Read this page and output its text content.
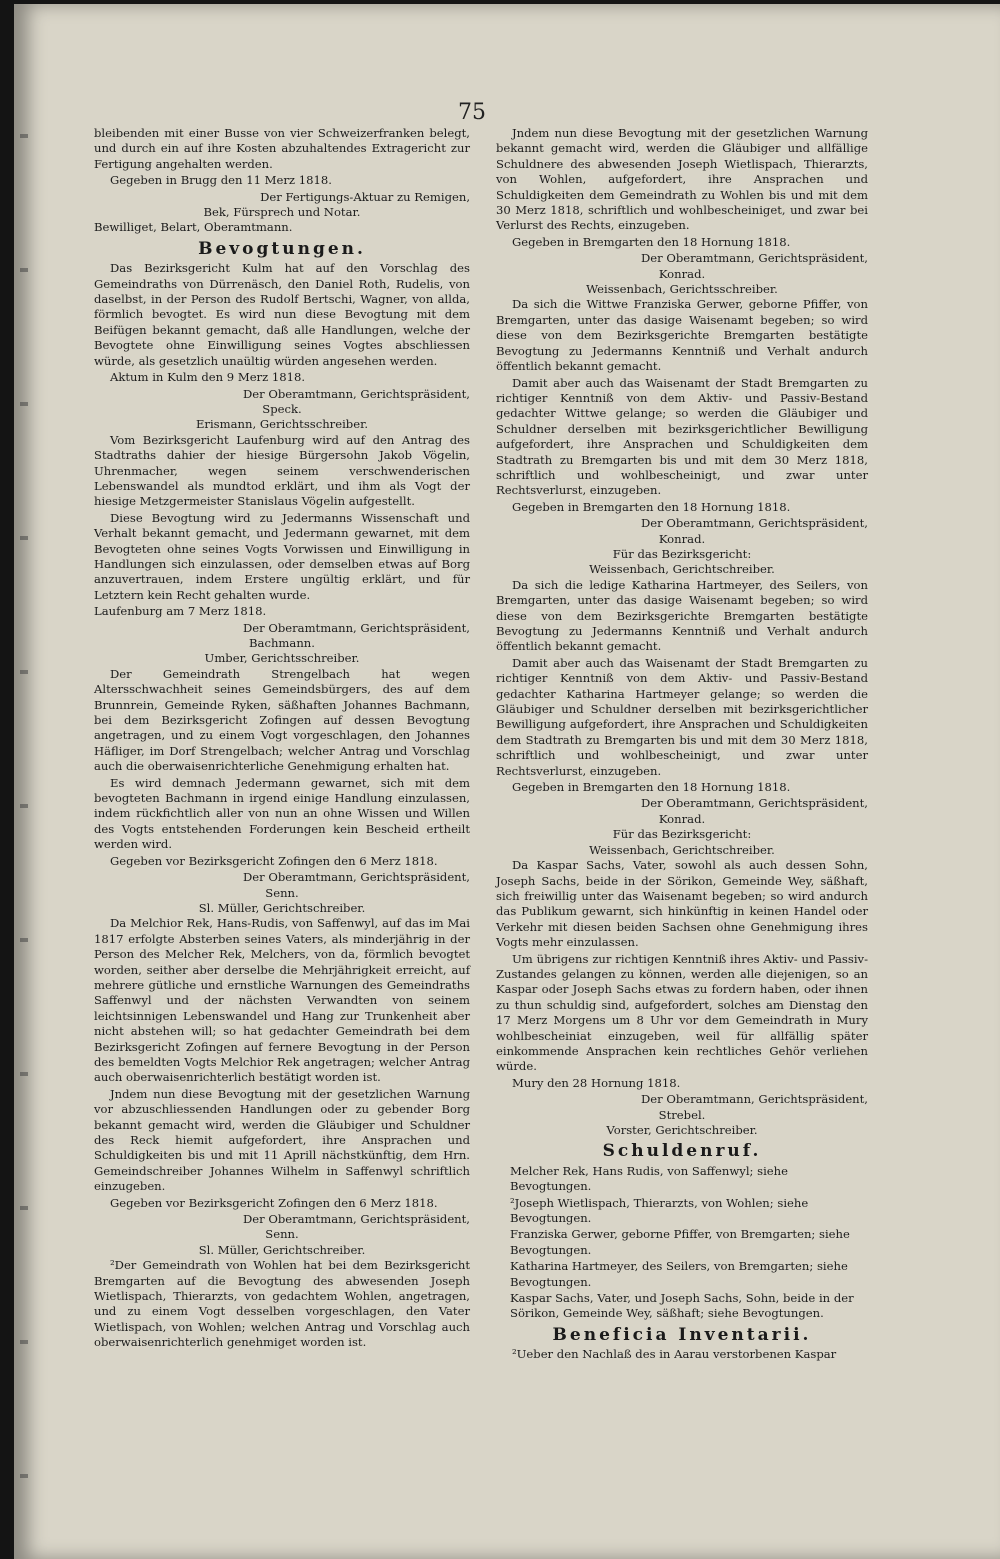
75

bleibenden mit einer Busse von vier Schweizerfranken belegt, und durch ein auf ihre Kosten abzuhaltendes Extragericht zur Fertigung angehalten werden.

Gegeben in Brugg den 11 Merz 1818.

Der Fertigungs-Aktuar zu Remigen,

Bek, Fürsprech und Notar.

Bewilliget, Belart, Oberamtmann.

Bevogtungen.

Das Bezirksgericht Kulm hat auf den Vorschlag des Gemeindraths von Dürrenäsch, den Daniel Roth, Rudelis, von daselbst, in der Person des Rudolf Bertschi, Wagner, von allda, förmlich bevogtet. Es wird nun diese Bevogtung mit dem Beifügen bekannt gemacht, daß alle Handlungen, welche der Bevogtete ohne Einwilligung seines Vogtes abschliessen würde, als gesetzlich unaültig würden angesehen werden.

Aktum in Kulm den 9 Merz 1818.

Der Oberamtmann, Gerichtspräsident,

Speck.

Erismann, Gerichtsschreiber.

Vom Bezirksgericht Laufenburg wird auf den Antrag des Stadtraths dahier der hiesige Bürgersohn Jakob Vögelin, Uhrenmacher, wegen seinem verschwenderischen Lebenswandel als mundtod erklärt, und ihm als Vogt der hiesige Metzgermeister Stanislaus Vögelin aufgestellt.

Diese Bevogtung wird zu Jedermanns Wissenschaft und Verhalt bekannt gemacht, und Jedermann gewarnet, mit dem Bevogteten ohne seines Vogts Vorwissen und Einwilligung in Handlungen sich einzulassen, oder demselben etwas auf Borg anzuvertrauen, indem Erstere ungültig erklärt, und für Letztern kein Recht gehalten wurde.

Laufenburg am 7 Merz 1818.

Der Oberamtmann, Gerichtspräsident,

Bachmann.

Umber, Gerichtsschreiber.

Der Gemeindrath Strengelbach hat wegen Altersschwachheit seines Gemeindsbürgers, des auf dem Brunnrein, Gemeinde Ryken, säßhaften Johannes Bachmann, bei dem Bezirksgericht Zofingen auf dessen Bevogtung angetragen, und zu einem Vogt vorgeschlagen, den Johannes Häfliger, im Dorf Strengelbach; welcher Antrag und Vorschlag auch die oberwaisenrichterliche Genehmigung erhalten hat.

Es wird demnach Jedermann gewarnet, sich mit dem bevogteten Bachmann in irgend einige Handlung einzulassen, indem rückfichtlich aller von nun an ohne Wissen und Willen des Vogts entstehenden Forderungen kein Bescheid ertheilt werden wird.

Gegeben vor Bezirksgericht Zofingen den 6 Merz 1818.

Der Oberamtmann, Gerichtspräsident,

Senn.

Sl. Müller, Gerichtschreiber.

Da Melchior Rek, Hans-Rudis, von Saffenwyl, auf das im Mai 1817 erfolgte Absterben seines Vaters, als minderjährig in der Person des Melcher Rek, Melchers, von da, förmlich bevogtet worden, seither aber derselbe die Mehrjährigkeit erreicht, auf mehrere gütliche und ernstliche Warnungen des Gemeindraths Saffenwyl und der nächsten Verwandten von seinem leichtsinnigen Lebenswandel und Hang zur Trunkenheit aber nicht abstehen will; so hat gedachter Gemeindrath bei dem Bezirksgericht Zofingen auf fernere Bevogtung in der Person des bemeldten Vogts Melchior Rek angetragen; welcher Antrag auch oberwaisenrichterlich bestätigt worden ist.

Jndem nun diese Bevogtung mit der gesetzlichen Warnung vor abzuschliessenden Handlungen oder zu gebender Borg bekannt gemacht wird, werden die Gläubiger und Schuldner des Reck hiemit aufgefordert, ihre Ansprachen und Schuldigkeiten bis und mit 11 Aprill nächstkünftig, dem Hrn. Gemeindschreiber Johannes Wilhelm in Saffenwyl schriftlich einzugeben.

Gegeben vor Bezirksgericht Zofingen den 6 Merz 1818.

Der Oberamtmann, Gerichtspräsident,

Senn.

Sl. Müller, Gerichtschreiber.

²Der Gemeindrath von Wohlen hat bei dem Bezirksgericht Bremgarten auf die Bevogtung des abwesenden Joseph Wietlispach, Thierarzts, von gedachtem Wohlen, angetragen, und zu einem Vogt desselben vorgeschlagen, den Vater Wietlispach, von Wohlen; welchen Antrag und Vorschlag auch oberwaisenrichterlich genehmiget worden ist.

Jndem nun diese Bevogtung mit der gesetzlichen Warnung bekannt gemacht wird, werden die Gläubiger und allfällige Schuldnere des abwesenden Joseph Wietlispach, Thierarzts, von Wohlen, aufgefordert, ihre Ansprachen und Schuldigkeiten dem Gemeindrath zu Wohlen bis und mit dem 30 Merz 1818, schriftlich und wohlbescheiniget, und zwar bei Verlurst des Rechts, einzugeben.

Gegeben in Bremgarten den 18 Hornung 1818.

Der Oberamtmann, Gerichtspräsident,

Konrad.

Weissenbach, Gerichtsschreiber.

Da sich die Wittwe Franziska Gerwer, geborne Pfiffer, von Bremgarten, unter das dasige Waisenamt begeben; so wird diese von dem Bezirksgerichte Bremgarten bestätigte Bevogtung zu Jedermanns Kenntniß und Verhalt andurch öffentlich bekannt gemacht.

Damit aber auch das Waisenamt der Stadt Bremgarten zu richtiger Kenntniß von dem Aktiv- und Passiv-Bestand gedachter Wittwe gelange; so werden die Gläubiger und Schuldner derselben mit bezirksgerichtlicher Bewilligung aufgefordert, ihre Ansprachen und Schuldigkeiten dem Stadtrath zu Bremgarten bis und mit dem 30 Merz 1818, schriftlich und wohlbescheinigt, und zwar unter Rechtsverlurst, einzugeben.

Gegeben in Bremgarten den 18 Hornung 1818.

Der Oberamtmann, Gerichtspräsident,

Konrad.

Für das Bezirksgericht:

Weissenbach, Gerichtschreiber.

Da sich die ledige Katharina Hartmeyer, des Seilers, von Bremgarten, unter das dasige Waisenamt begeben; so wird diese von dem Bezirksgerichte Bremgarten bestätigte Bevogtung zu Jedermanns Kenntniß und Verhalt andurch öffentlich bekannt gemacht.

Damit aber auch das Waisenamt der Stadt Bremgarten zu richtiger Kenntniß von dem Aktiv- und Passiv-Bestand gedachter Katharina Hartmeyer gelange; so werden die Gläubiger und Schuldner derselben mit bezirksgerichtlicher Bewilligung aufgefordert, ihre Ansprachen und Schuldigkeiten dem Stadtrath zu Bremgarten bis und mit dem 30 Merz 1818, schriftlich und wohlbescheinigt, und zwar unter Rechtsverlurst, einzugeben.

Gegeben in Bremgarten den 18 Hornung 1818.

Der Oberamtmann, Gerichtspräsident,

Konrad.

Für das Bezirksgericht:

Weissenbach, Gerichtschreiber.

Da Kaspar Sachs, Vater, sowohl als auch dessen Sohn, Joseph Sachs, beide in der Sörikon, Gemeinde Wey, säßhaft, sich freiwillig unter das Waisenamt begeben; so wird andurch das Publikum gewarnt, sich hinkünftig in keinen Handel oder Verkehr mit diesen beiden Sachsen ohne Genehmigung ihres Vogts mehr einzulassen.

Um übrigens zur richtigen Kenntniß ihres Aktiv- und Passiv-Zustandes gelangen zu können, werden alle diejenigen, so an Kaspar oder Joseph Sachs etwas zu fordern haben, oder ihnen zu thun schuldig sind, aufgefordert, solches am Dienstag den 17 Merz Morgens um 8 Uhr vor dem Gemeindrath in Mury wohlbescheiniat einzugeben, weil für allfällig später einkommende Ansprachen kein rechtliches Gehör verliehen würde.

Mury den 28 Hornung 1818.

Der Oberamtmann, Gerichtspräsident,

Strebel.

Vorster, Gerichtschreiber.

Schuldenruf.

Melcher Rek, Hans Rudis, von Saffenwyl; siehe Bevogtungen.

²Joseph Wietlispach, Thierarzts, von Wohlen; siehe Bevogtungen.

Franziska Gerwer, geborne Pfiffer, von Bremgarten; siehe Bevogtungen.

Katharina Hartmeyer, des Seilers, von Bremgarten; siehe Bevogtungen.

Kaspar Sachs, Vater, und Joseph Sachs, Sohn, beide in der Sörikon, Gemeinde Wey, säßhaft; siehe Bevogtungen.

Beneficia Inventarii.

²Ueber den Nachlaß des in Aarau verstorbenen Kaspar
